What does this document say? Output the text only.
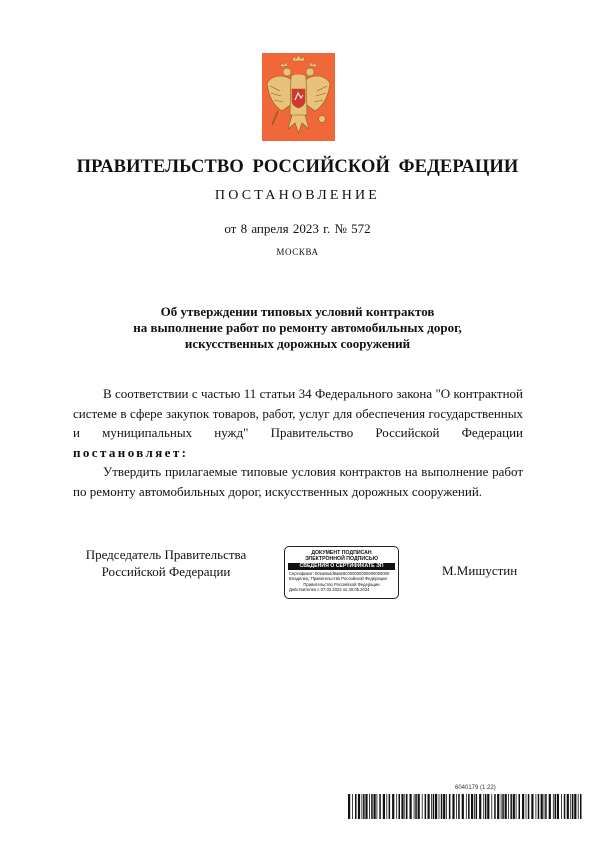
ПРАВИТЕЛЬСТВО РОССИЙСКОЙ ФЕДЕРАЦИИ
ПОСТАНОВЛЕНИЕ
от 8 апреля 2023 г. № 572
МОСКВА
Об утверждении типовых условий контрактов
на выполнение работ по ремонту автомобильных дорог,
искусственных дорожных сооружений

В соответствии с частью 11 статьи 34 Федерального закона "О контрактной системе в сфере закупок товаров, работ, услуг для обеспечения государственных и муниципальных нужд" Правительство Российской Федерации постановляет:

Утвердить прилагаемые типовые условия контрактов на выполнение работ по ремонту автомобильных дорог, искусственных дорожных сооружений.

Председатель Правительства
Российской Федерации
ДОКУМЕНТ ПОДПИСАН
ЭЛЕКТРОННОЙ ПОДПИСЬЮ
СВЕДЕНИЯ О СЕРТИФИКАТЕ ЭП
Сертификат: 00ea8a4d9a6e8c000000000000000000
Владелец: Правительство Российской Федерации
Правительство Российской Федерации
Действителен с 07.03.2023 по 30.05.2024
М.Мишустин
6040179 (1.22)
